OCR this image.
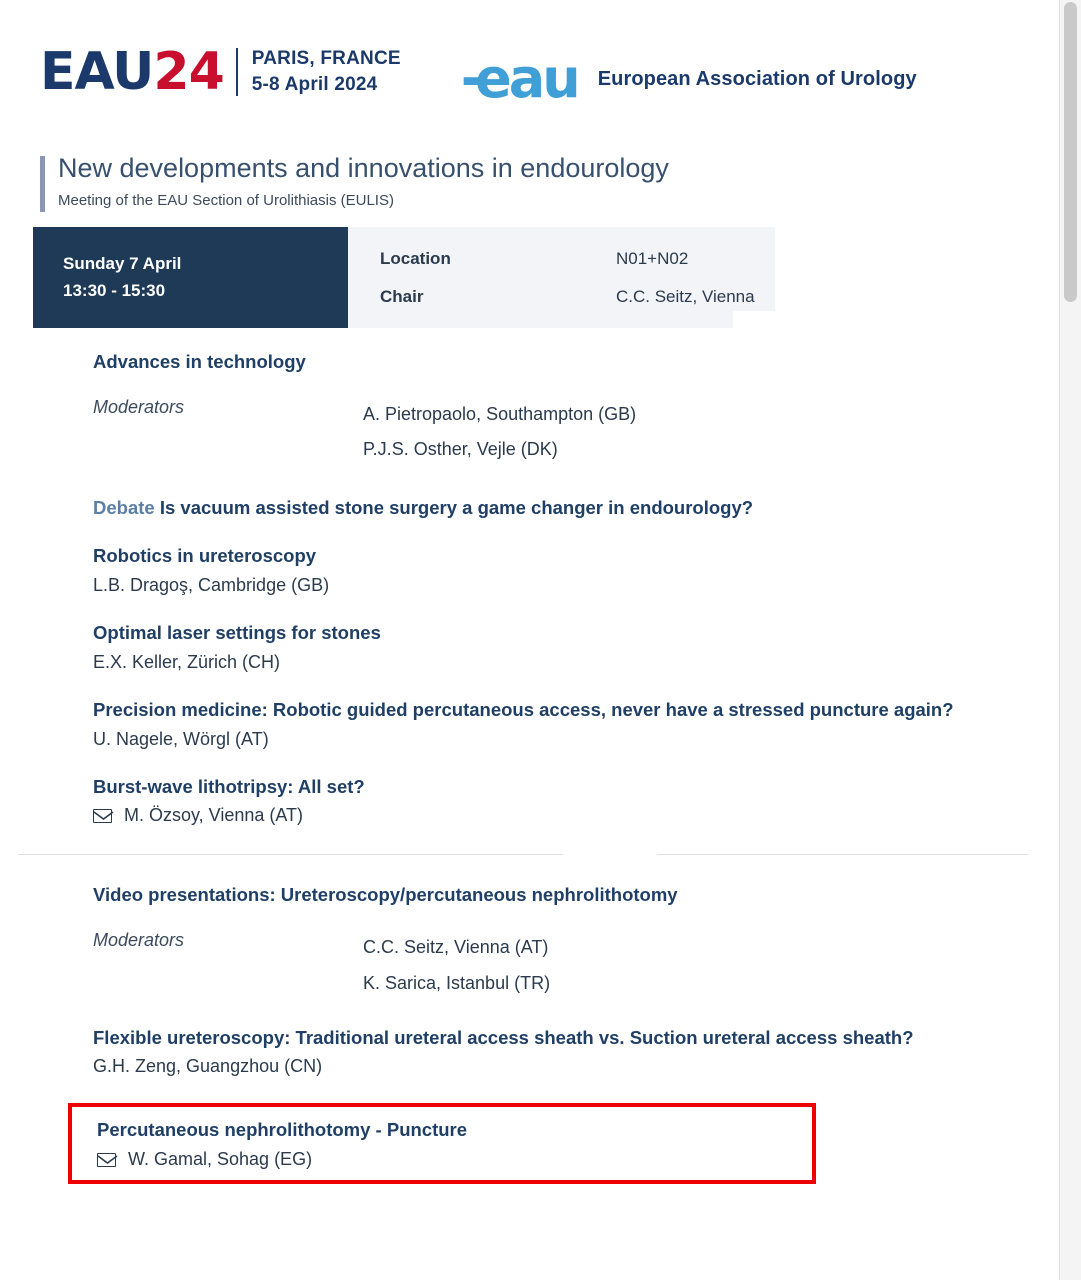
EAU24 PARIS, FRANCE
5-8 April 2024	-eau European Association of Urology
New developments and innovations in endourology
Meeting of the EAU Section of Urolithiasis (EULIS)
Sunday 7 April
13:30 - 15:30
Location	N01+N02
Chair	C.C. Seitz, Vienna
Advances in technology
Moderators	A. Pietropaolo, Southampton (GB)
P.J.S. Osther, Vejle (DK)
Debate Is vacuum assisted stone surgery a game changer in endourology?
Robotics in ureteroscopy
L.B. Dragoş, Cambridge (GB)
Optimal laser settings for stones
E.X. Keller, Zürich (CH)
Precision medicine: Robotic guided percutaneous access, never have a stressed puncture again?
U. Nagele, Wörgl (AT)
Burst-wave lithotripsy: All set?
M. Özsoy, Vienna (AT)
Video presentations: Ureteroscopy/percutaneous nephrolithotomy
Moderators	C.C. Seitz, Vienna (AT)
K. Sarica, Istanbul (TR)
Flexible ureteroscopy: Traditional ureteral access sheath vs. Suction ureteral access sheath?
G.H. Zeng, Guangzhou (CN)
Percutaneous nephrolithotomy - Puncture
W. Gamal, Sohag (EG)
